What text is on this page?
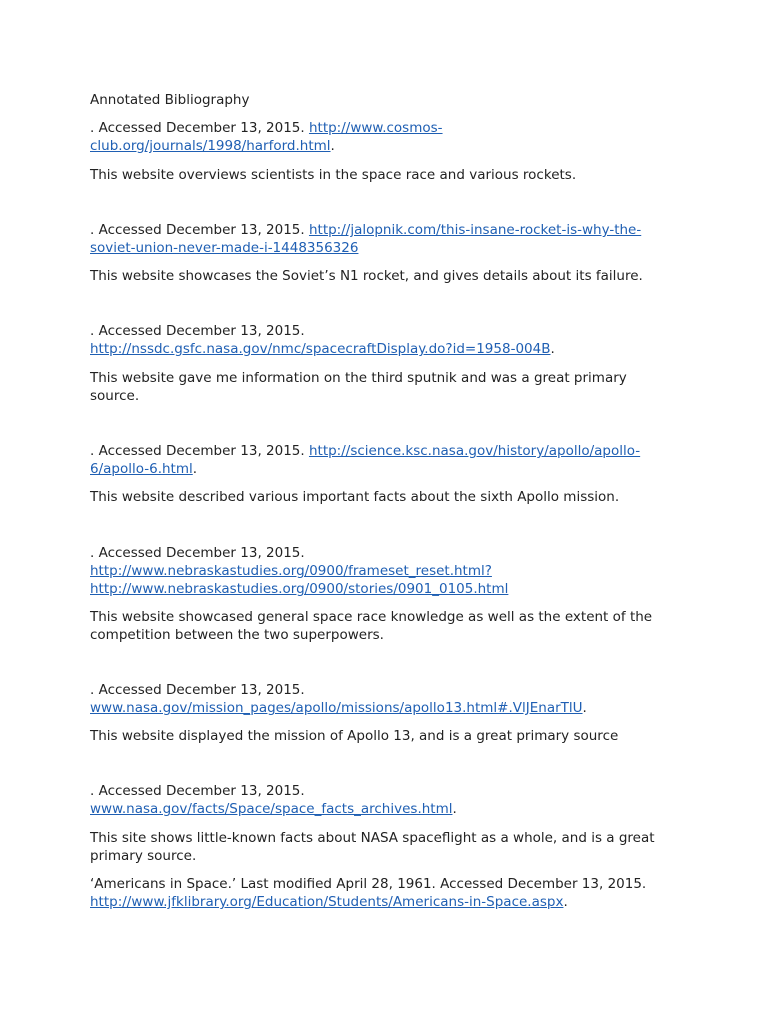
Annotated Bibliography

. Accessed December 13, 2015. http://www.cosmos-
club.org/journals/1998/harford.html.

This website overviews scientists in the space race and various rockets.

. Accessed December 13, 2015. http://jalopnik.com/this-insane-rocket-is-why-the-
soviet-union-never-made-i-1448356326

This website showcases the Soviet’s N1 rocket, and gives details about its failure.

. Accessed December 13, 2015.
http://nssdc.gsfc.nasa.gov/nmc/spacecraftDisplay.do?id=1958-004B.

This website gave me information on the third sputnik and was a great primary
source.

. Accessed December 13, 2015. http://science.ksc.nasa.gov/history/apollo/apollo-
6/apollo-6.html.

This website described various important facts about the sixth Apollo mission.

. Accessed December 13, 2015.
http://www.nebraskastudies.org/0900/frameset_reset.html?
http://www.nebraskastudies.org/0900/stories/0901_0105.html

This website showcased general space race knowledge as well as the extent of the
competition between the two superpowers.

. Accessed December 13, 2015.
www.nasa.gov/mission_pages/apollo/missions/apollo13.html#.VlJEnarTlU.

This website displayed the mission of Apollo 13, and is a great primary source

. Accessed December 13, 2015.
www.nasa.gov/facts/Space/space_facts_archives.html.

This site shows little-known facts about NASA spaceflight as a whole, and is a great
primary source.

‘Americans in Space.’ Last modified April 28, 1961. Accessed December 13, 2015.
http://www.jfklibrary.org/Education/Students/Americans-in-Space.aspx.
